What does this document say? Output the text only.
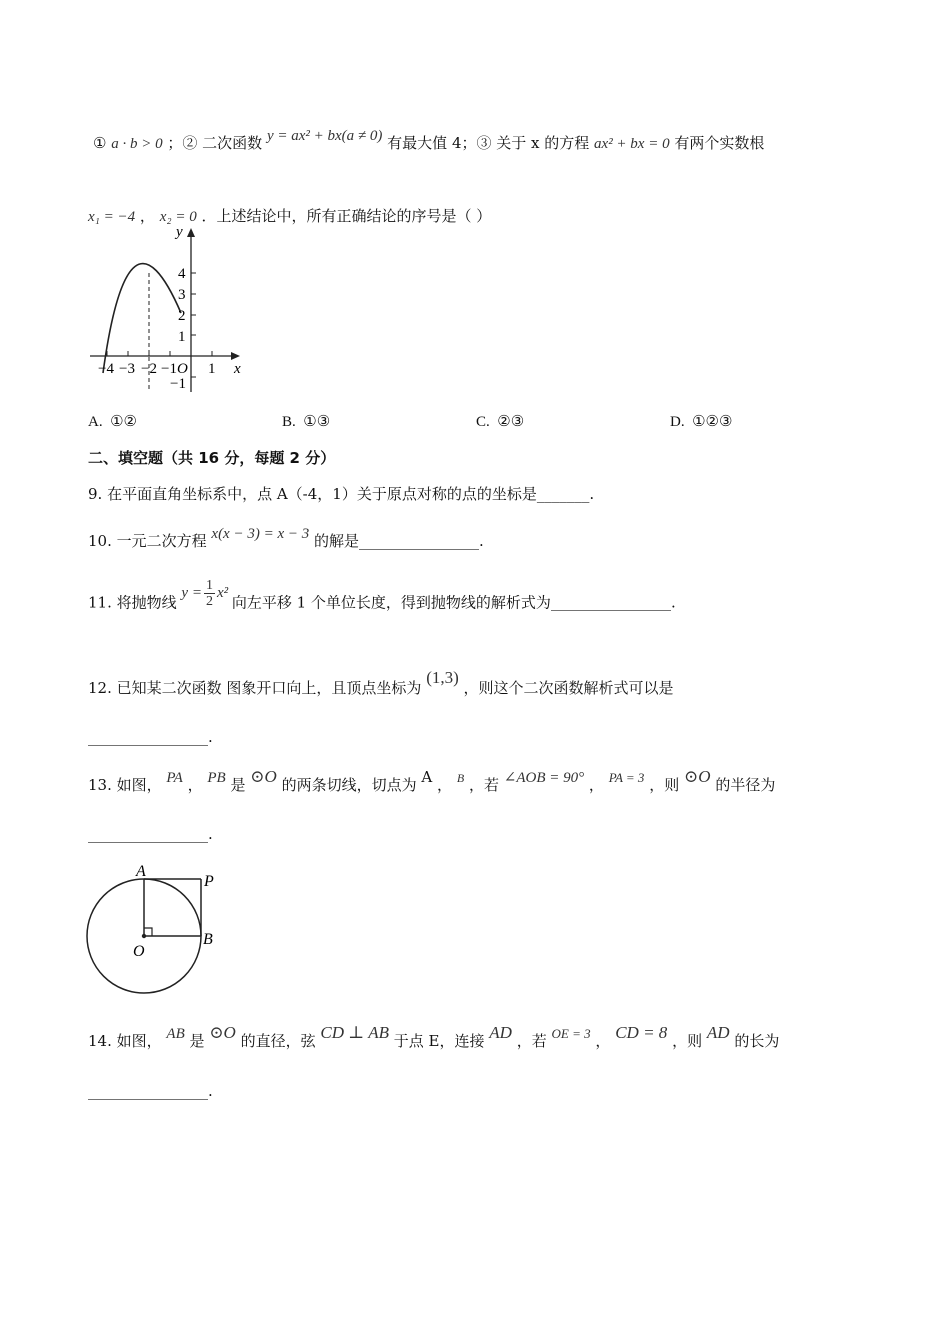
① a · b > 0 ；② 二次函数 y = ax² + bx(a ≠ 0) 有最大值 4；③ 关于 x 的方程 ax² + bx = 0 有两个实数根
x₁ = −4 ， x₂ = 0 ．上述结论中，所有正确结论的序号是（ ）
y
x
4
3
2
1
−1
−4 −3 −2 −1 O 1
A. ①②	B. ①③	C. ②③	D. ①②③
二、填空题（共 16 分，每题 2 分）
9. 在平面直角坐标系中，点 A（-4，1）关于原点对称的点的坐标是_______.
10. 一元二次方程 x(x − 3) = x − 3 的解是________________.
11. 将抛物线 $y = \frac{1}{2} x^2$ 向左平移 1 个单位长度，得到抛物线的解析式为________________.
12. 已知某二次函数 图象开口向上，且顶点坐标为 (1,3) ，则这个二次函数解析式可以是
________________.
13. 如图， PA ， PB 是 ⊙O 的两条切线，切点为 A ， $^B$ ，若 ∠AOB = 90° ， PA = 3 ，则 ⊙O 的半径为
________________.
A
P
O
B
14. 如图， AB 是 ⊙O 的直径，弦 CD ⊥ AB 于点 E，连接 AD ，若 OE = 3 ， CD = 8 ，则 AD 的长为
________________.
